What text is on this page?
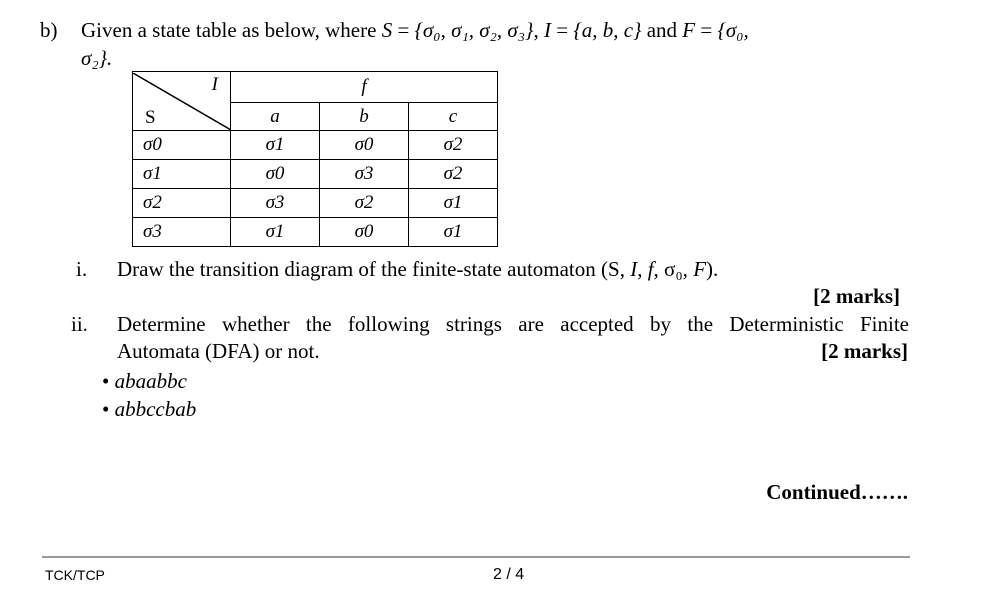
b) Given a state table as below, where S = {σ₀, σ₁, σ₂, σ₃}, I = {a, b, c} and F = {σ₀,
σ₂}.
I
S	f		
	a	b	c
σ0	σ1	σ0	σ2
σ1	σ0	σ3	σ2
σ2	σ3	σ2	σ1
σ3	σ1	σ0	σ1
i. Draw the transition diagram of the finite-state automaton (S, I, f, σ₀, F).
[2 marks]
ii. Determine whether the following strings are accepted by the Deterministic Finite
Automata (DFA) or not.	[2 marks]
• abaabbc
• abbccbab
Continued…….
TCK/TCP	2 / 4
